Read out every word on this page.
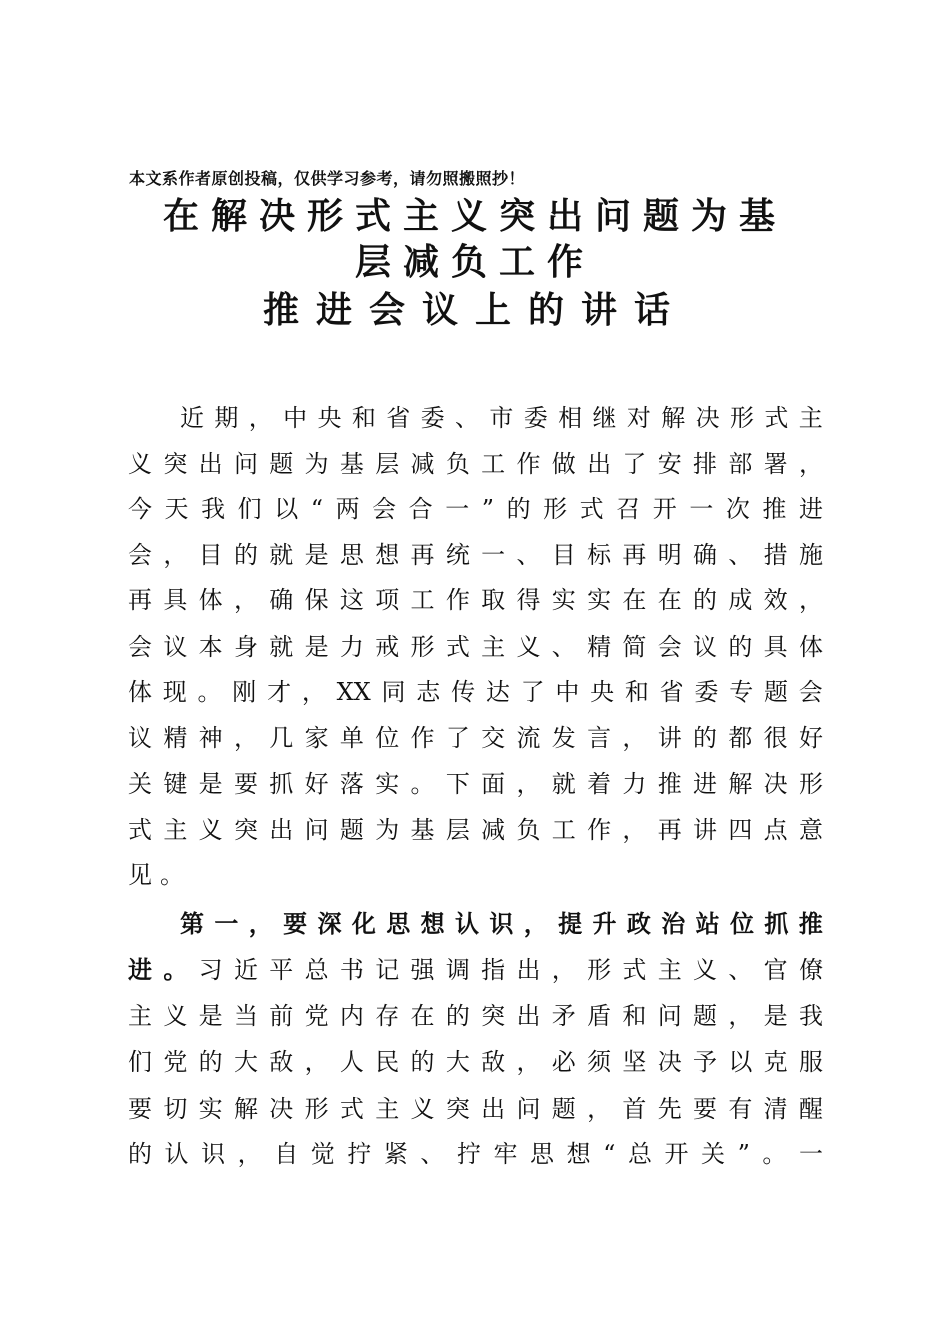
本文系作者原创投稿，仅供学习参考，请勿照搬照抄！
在解决形式主义突出问题为基
层减负工作
推进会议上的讲话
近 期 ， 中 央 和 省 委 、 市 委 相 继 对 解 决 形 式 主
义 突 出 问 题 为 基 层 减 负 工 作 做 出 了 安 排 部 署 ，
今 天 我 们 以 “ 两 会 合 一 ” 的 形 式 召 开 一 次 推 进
会 ， 目 的 就 是 思 想 再 统 一 、 目 标 再 明 确 、 措 施
再 具 体 ， 确 保 这 项 工 作 取 得 实 实 在 在 的 成 效 ，
会 议 本 身 就 是 力 戒 形 式 主 义 、 精 简 会 议 的 具 体
体 现 。 刚 才 ， XX 同 志 传 达 了 中 央 和 省 委 专 题 会
议 精 神 ， 几 家 单 位 作 了 交 流 发 言 ， 讲 的 都 很 好
关 键 是 要 抓 好 落 实 。 下 面 ， 就 着 力 推 进 解 决 形
式 主 义 突 出 问 题 为 基 层 减 负 工 作 ， 再 讲 四 点 意
见 。
第 一 ， 要 深 化 思 想 认 识 ， 提 升 政 治 站 位 抓 推
进 。 习 近 平 总 书 记 强 调 指 出 ， 形 式 主 义 、 官 僚
主 义 是 当 前 党 内 存 在 的 突 出 矛 盾 和 问 题 ， 是 我
们 党 的 大 敌 ， 人 民 的 大 敌 ， 必 须 坚 决 予 以 克 服
要 切 实 解 决 形 式 主 义 突 出 问 题 ， 首 先 要 有 清 醒
的 认 识 ， 自 觉 拧 紧 、 拧 牢 思 想 “ 总 开 关 ” 。 一
